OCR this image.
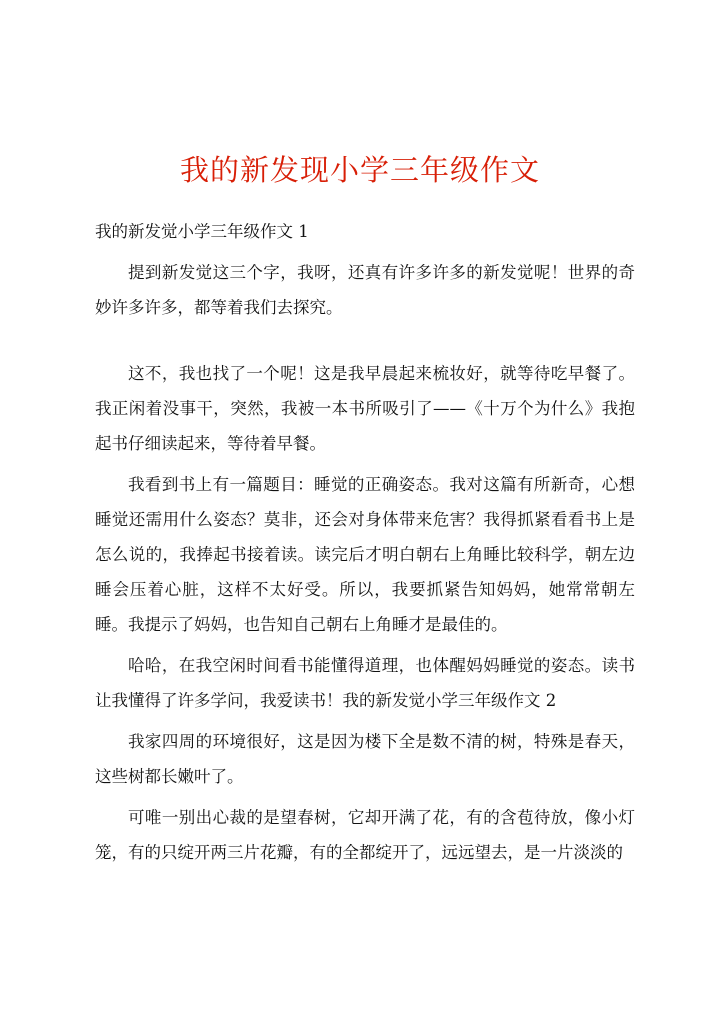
我的新发现小学三年级作文

我的新发觉小学三年级作文 1

提到新发觉这三个字，我呀，还真有许多许多的新发觉呢！世界的奇妙许多许多，都等着我们去探究。

这不，我也找了一个呢！这是我早晨起来梳妆好，就等待吃早餐了。我正闲着没事干，突然，我被一本书所吸引了——《十万个为什么》我抱起书仔细读起来，等待着早餐。

我看到书上有一篇题目：睡觉的正确姿态。我对这篇有所新奇，心想睡觉还需用什么姿态？莫非，还会对身体带来危害？我得抓紧看看书上是怎么说的，我捧起书接着读。读完后才明白朝右上角睡比较科学，朝左边睡会压着心脏，这样不太好受。所以，我要抓紧告知妈妈，她常常朝左睡。我提示了妈妈，也告知自己朝右上角睡才是最佳的。

哈哈，在我空闲时间看书能懂得道理，也体醒妈妈睡觉的姿态。读书让我懂得了许多学问，我爱读书！我的新发觉小学三年级作文 2

我家四周的环境很好，这是因为楼下全是数不清的树，特殊是春天，这些树都长嫩叶了。

可唯一别出心裁的是望春树，它却开满了花，有的含苞待放，像小灯笼，有的只绽开两三片花瓣，有的全都绽开了，远远望去，是一片淡淡的
